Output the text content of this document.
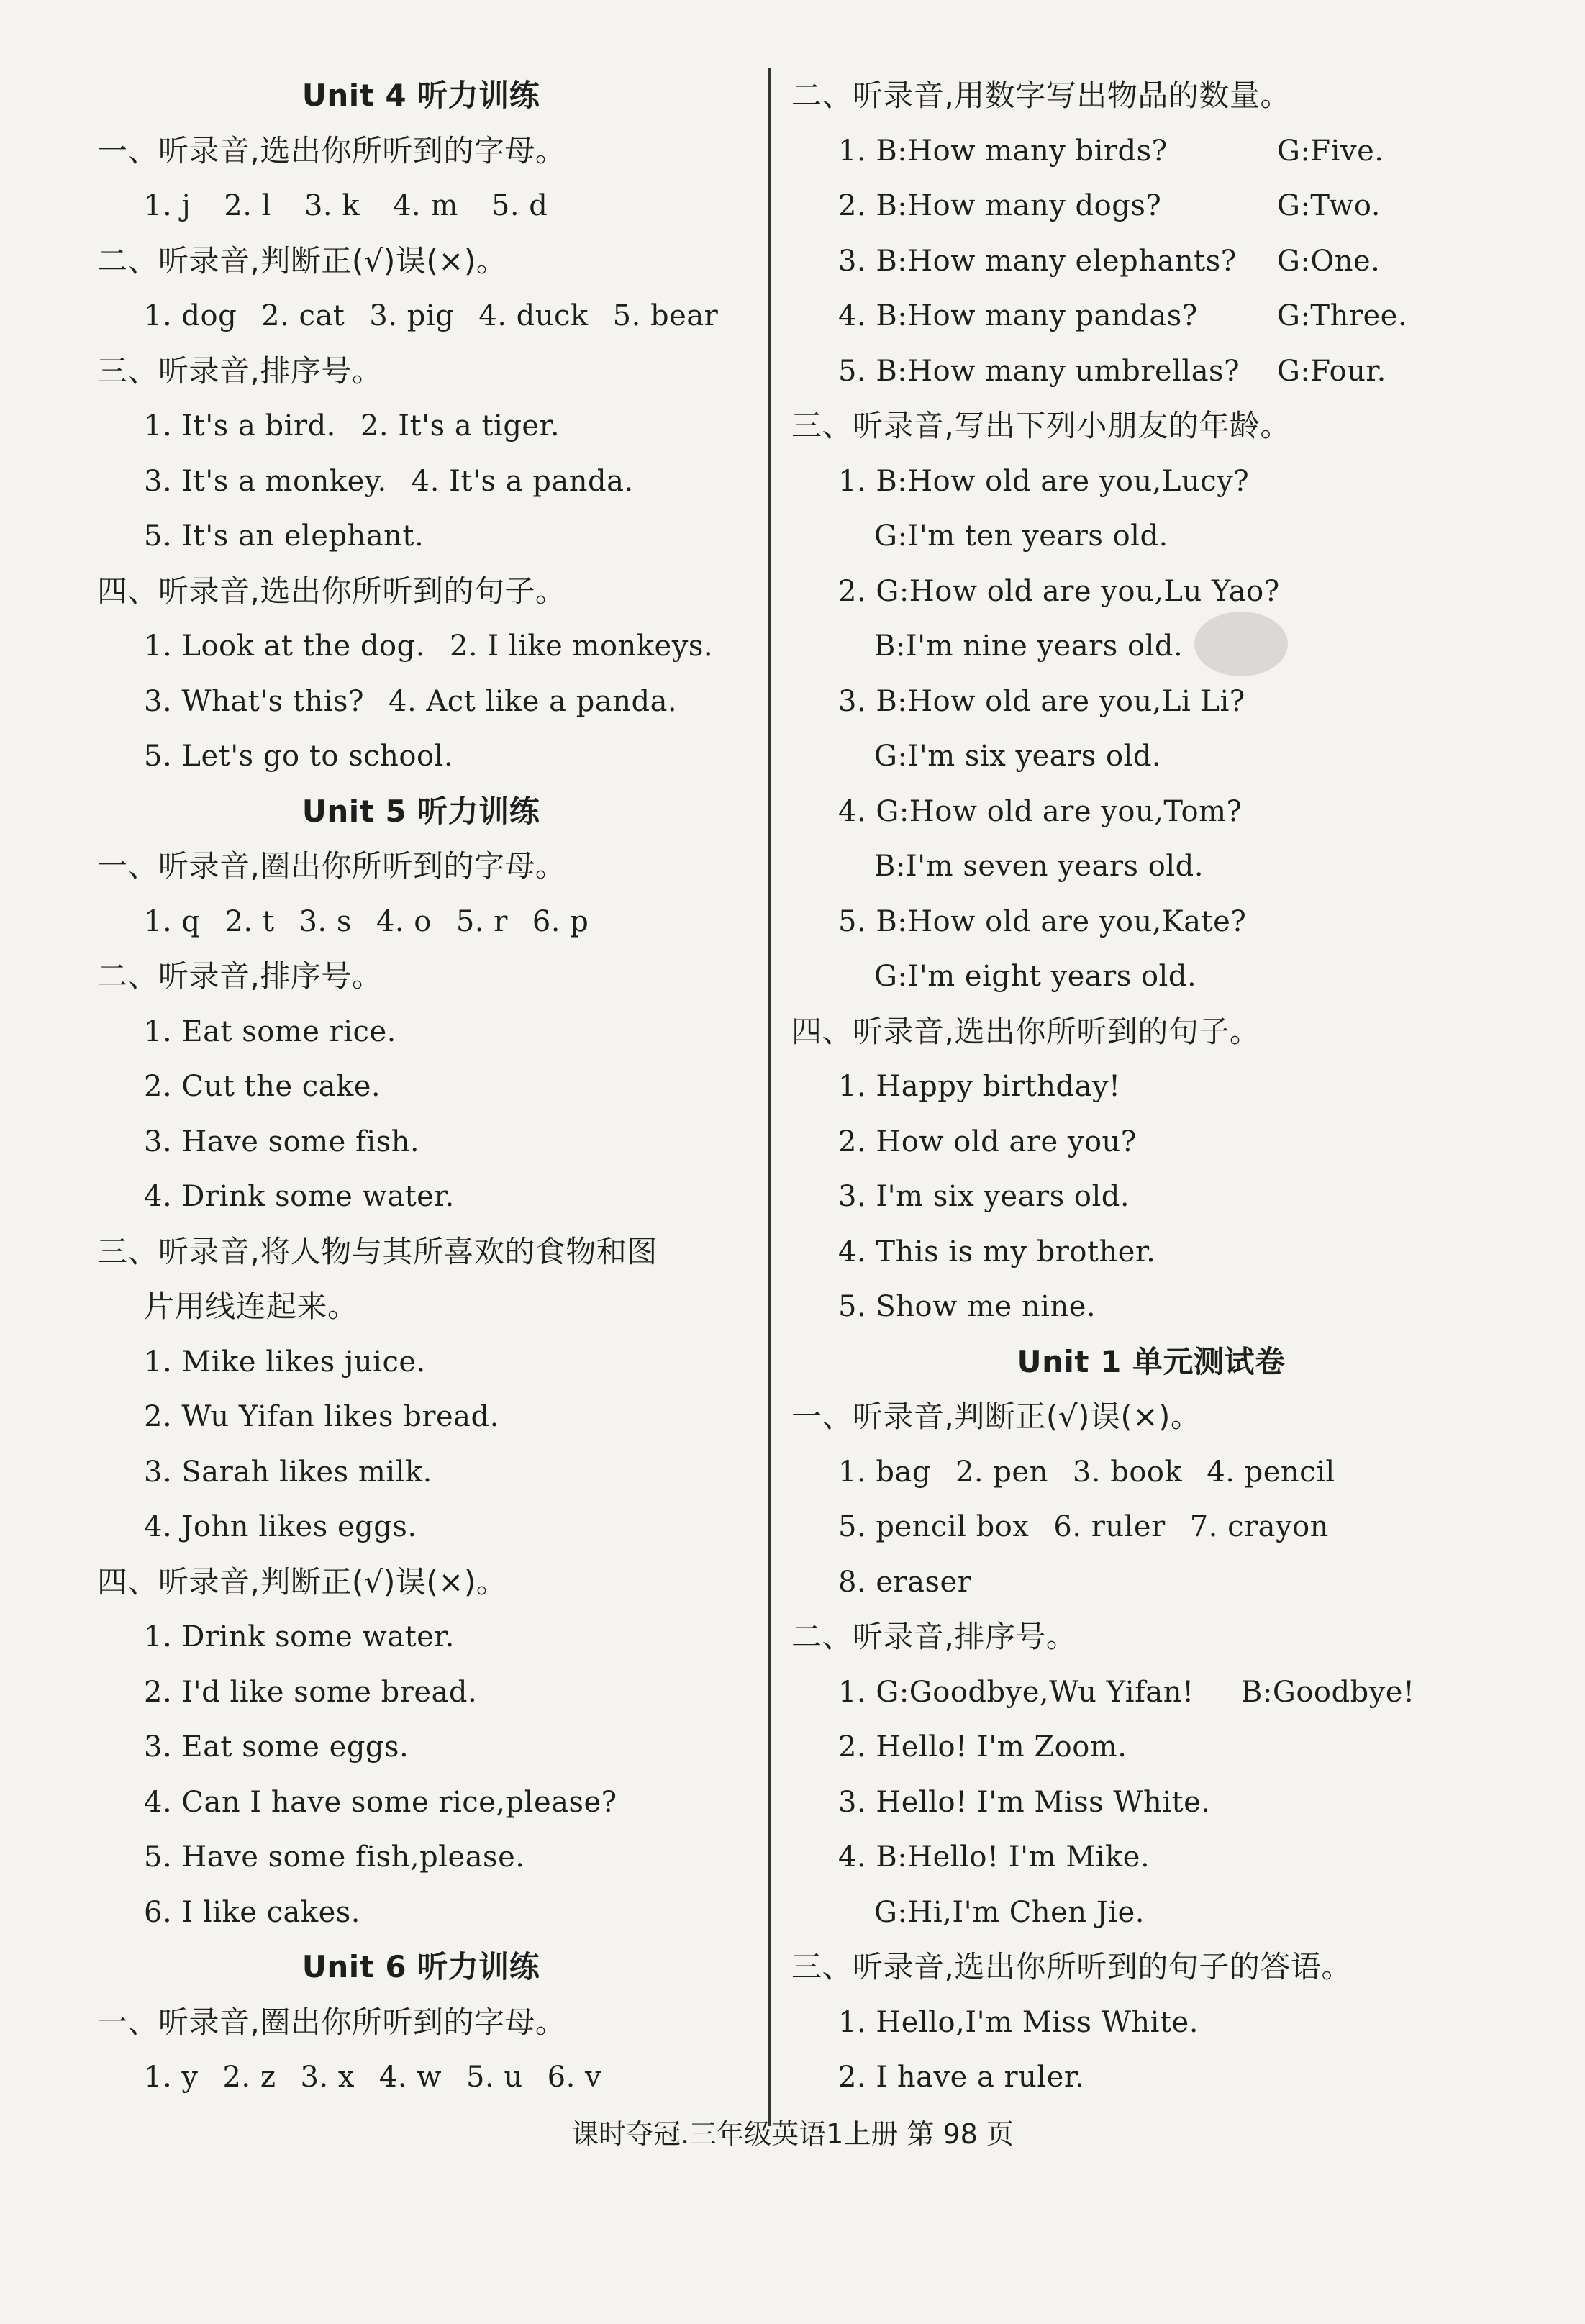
Unit 4 听力训练
一、听录音,选出你所听到的字母。
1. j 2. l 3. k 4. m 5. d
二、听录音,判断正(√)误(×)。
1. dog 2. cat 3. pig 4. duck 5. bear
三、听录音,排序号。
1. It's a bird. 2. It's a tiger.
3. It's a monkey. 4. It's a panda.
5. It's an elephant.
四、听录音,选出你所听到的句子。
1. Look at the dog. 2. I like monkeys.
3. What's this? 4. Act like a panda.
5. Let's go to school.
Unit 5 听力训练
一、听录音,圈出你所听到的字母。
1. q 2. t 3. s 4. o 5. r 6. p
二、听录音,排序号。
1. Eat some rice.
2. Cut the cake.
3. Have some fish.
4. Drink some water.
三、听录音,将人物与其所喜欢的食物和图
片用线连起来。
1. Mike likes juice.
2. Wu Yifan likes bread.
3. Sarah likes milk.
4. John likes eggs.
四、听录音,判断正(√)误(×)。
1. Drink some water.
2. I'd like some bread.
3. Eat some eggs.
4. Can I have some rice,please?
5. Have some fish,please.
6. I like cakes.
Unit 6 听力训练
一、听录音,圈出你所听到的字母。
1. y 2. z 3. x 4. w 5. u 6. v
二、听录音,用数字写出物品的数量。
1. B:How many birds?	G:Five.
2. B:How many dogs?	G:Two.
3. B:How many elephants? G:One.
4. B:How many pandas?	G:Three.
5. B:How many umbrellas? G:Four.
三、听录音,写出下列小朋友的年龄。
1. B:How old are you,Lucy?
G:I'm ten years old.
2. G:How old are you,Lu Yao?
B:I'm nine years old.
3. B:How old are you,Li Li?
G:I'm six years old.
4. G:How old are you,Tom?
B:I'm seven years old.
5. B:How old are you,Kate?
G:I'm eight years old.
四、听录音,选出你所听到的句子。
1. Happy birthday!
2. How old are you?
3. I'm six years old.
4. This is my brother.
5. Show me nine.
Unit 1 单元测试卷
一、听录音,判断正(√)误(×)。
1. bag 2. pen 3. book 4. pencil
5. pencil box 6. ruler 7. crayon
8. eraser
二、听录音,排序号。
1. G:Goodbye,Wu Yifan! B:Goodbye!
2. Hello! I'm Zoom.
3. Hello! I'm Miss White.
4. B:Hello! I'm Mike.
G:Hi,I'm Chen Jie.
三、听录音,选出你所听到的句子的答语。
1. Hello,I'm Miss White.
2. I have a ruler.
课时夺冠.三年级英语1上册 第 98 页
